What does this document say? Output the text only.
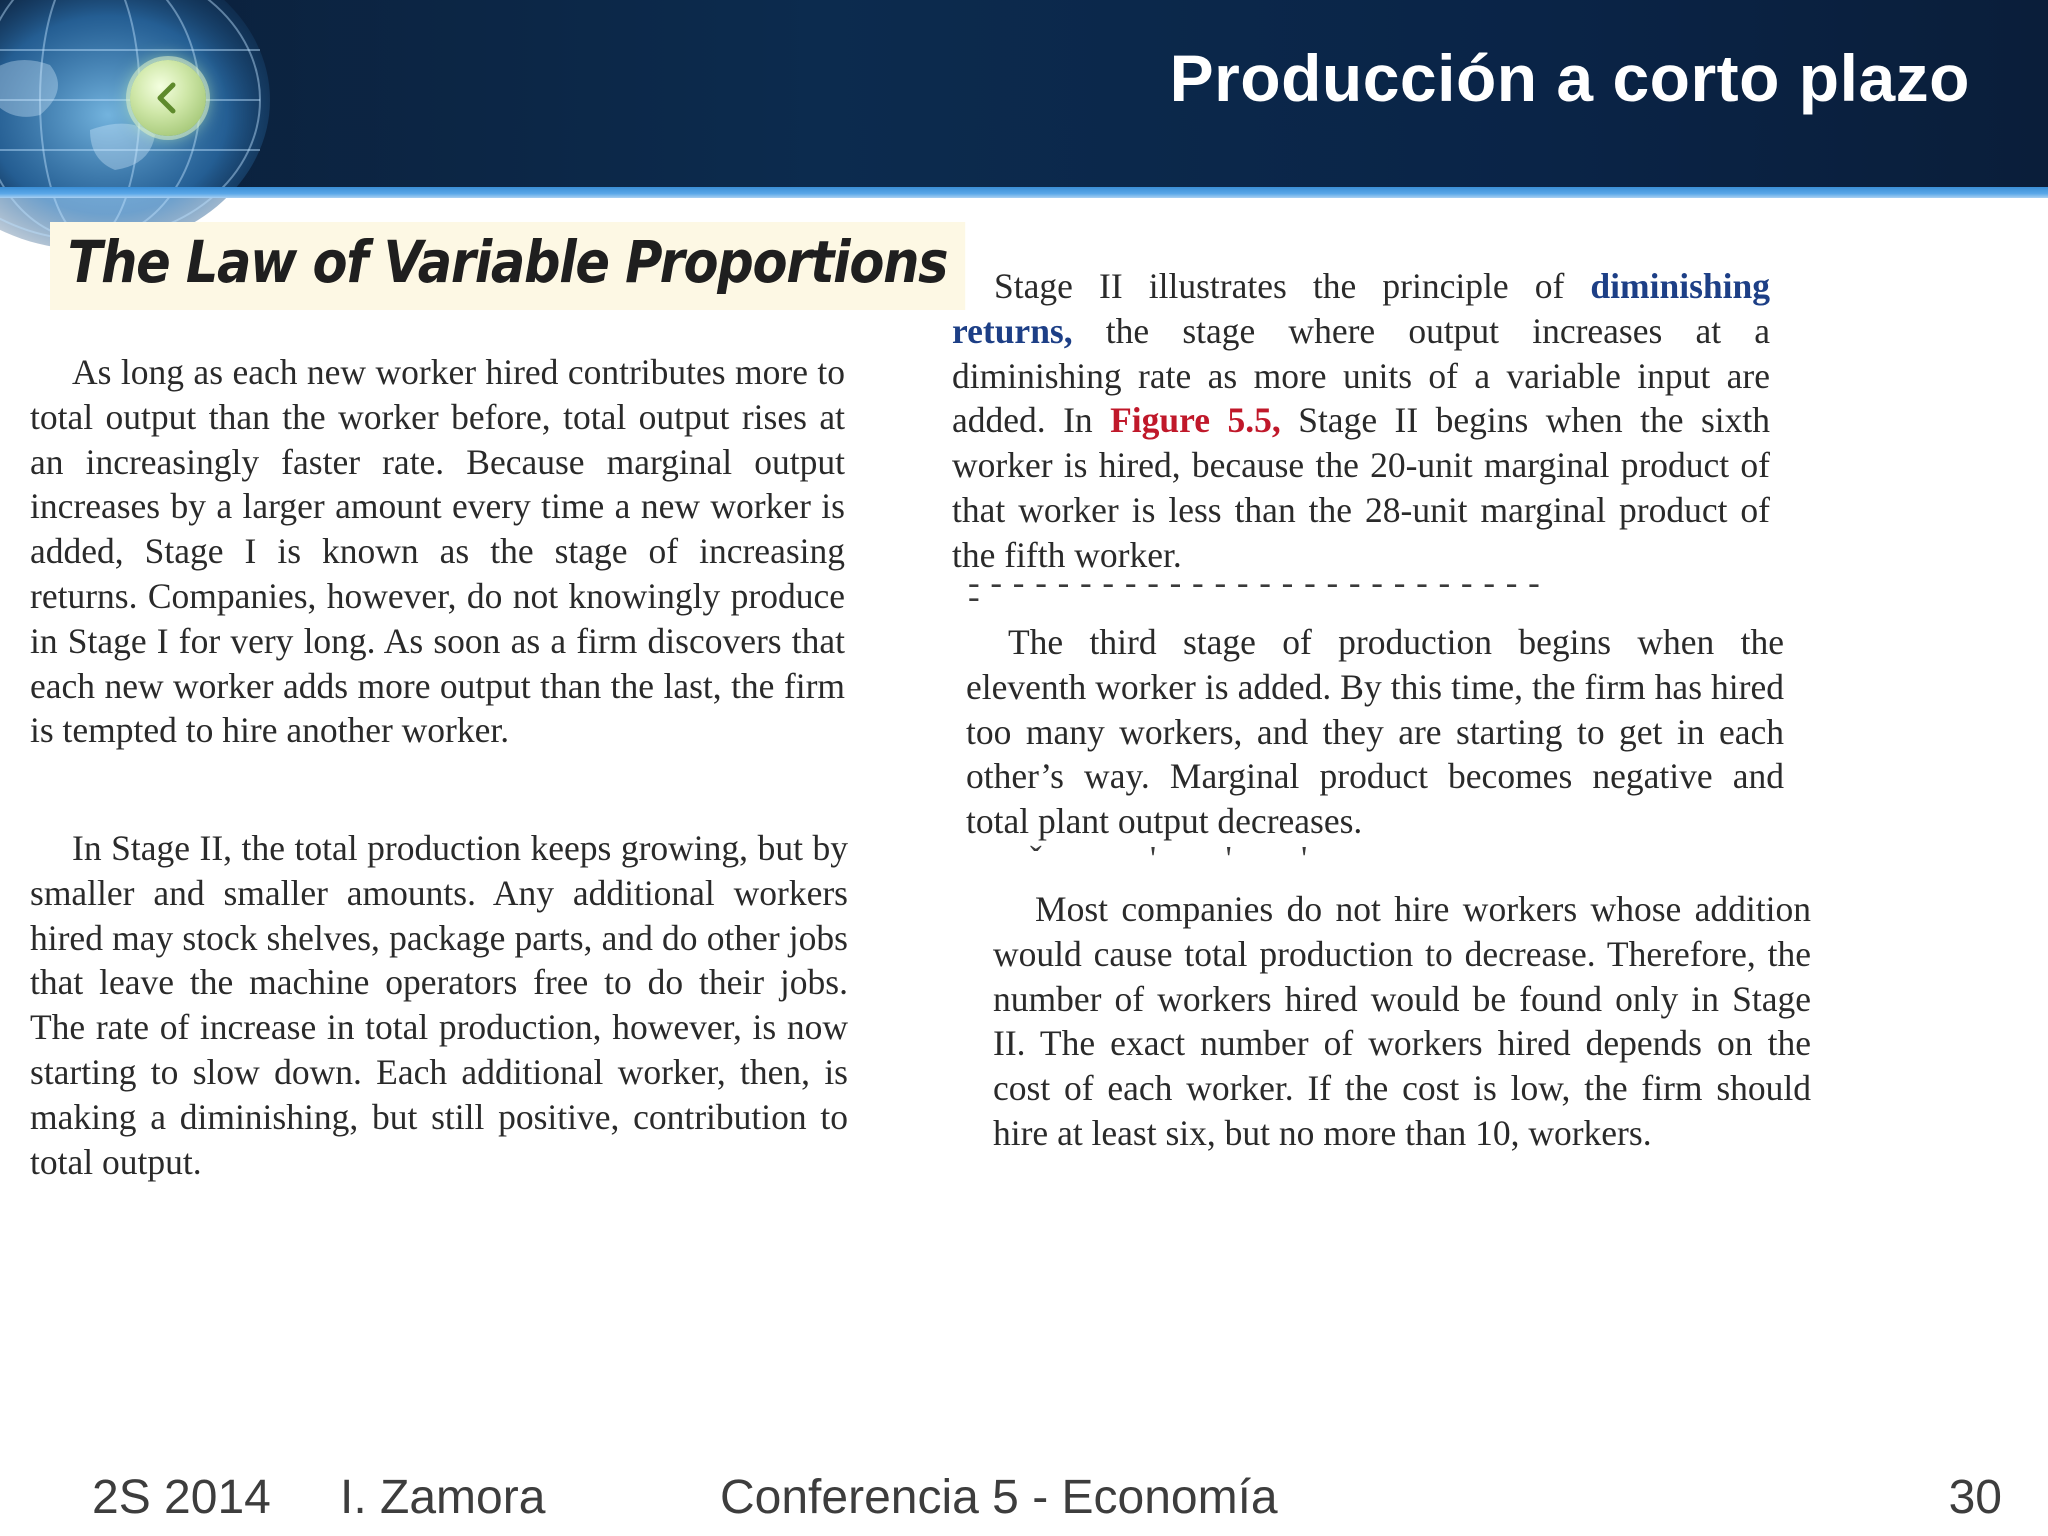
Producción a corto plazo
The Law of Variable Proportions

As long as each new worker hired contributes more to total output than the worker before, total output rises at an increasingly faster rate. Because marginal output increases by a larger amount every time a new worker is added, Stage I is known as the stage of increasing returns. Companies, however, do not knowingly produce in Stage I for very long. As soon as a firm discovers that each new worker adds more output than the last, the firm is tempted to hire another worker.

In Stage II, the total production keeps growing, but by smaller and smaller amounts. Any additional workers hired may stock shelves, package parts, and do other jobs that leave the machine operators free to do their jobs. The rate of increase in total production, however, is now starting to slow down. Each additional worker, then, is making a diminishing, but still positive, contribution to total output.

Stage II illustrates the principle of diminishing returns, the stage where output increases at a diminishing rate as more units of a variable input are added. In Figure 5.5, Stage II begins when the sixth worker is hired, because the 20-unit marginal product of that worker is less than the 28-unit marginal product of the fifth worker.

- - - - - - - - - - - - - - - - - - - - - - - - - - -

The third stage of production begins when the eleventh worker is added. By this time, the firm has hired too many workers, and they are starting to get in each other’s way. Marginal product becomes negative and total plant output decreases.

ˇ           '       '       '

Most companies do not hire workers whose addition would cause total production to decrease. Therefore, the number of workers hired would be found only in Stage II. The exact number of workers hired depends on the cost of each worker. If the cost is low, the firm should hire at least six, but no more than 10, workers.

2S 2014 I. Zamora	Conferencia 5 - Economía	30
